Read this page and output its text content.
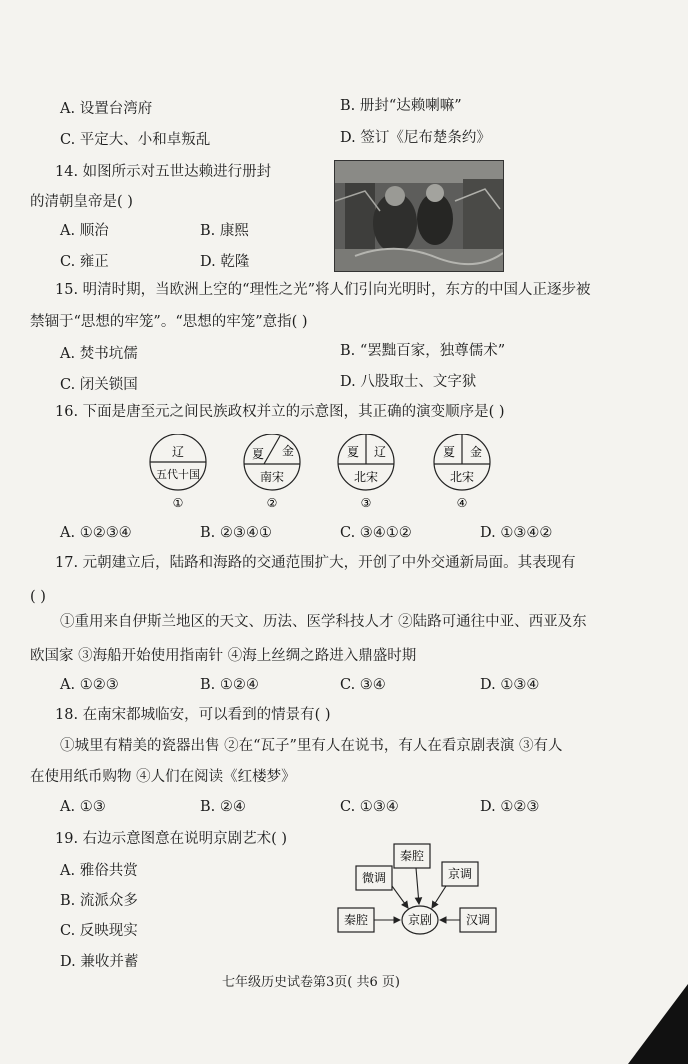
A. 设置台湾府	B. 册封“达赖喇嘛”
C. 平定大、小和卓叛乱	D. 签订《尼布楚条约》
14. 如图所示对五世达赖进行册封
的清朝皇帝是( )
A. 顺治	B. 康熙
C. 雍正	D. 乾隆
15. 明清时期，当欧洲上空的“理性之光”将人们引向光明时，东方的中国人正逐步被
禁锢于“思想的牢笼”。“思想的牢笼”意指( )
A. 焚书坑儒	B. “罢黜百家，独尊儒术”
C. 闭关锁国	D. 八股取士、文字狱
16. 下面是唐至元之间民族政权并立的示意图，其正确的演变顺序是( )
辽
五代十国
①
夏 金
南宋
②
夏 辽
北宋
③
夏 金
北宋
④
A. ①②③④	B. ②③④①	C. ③④①②	D. ①③④②
17. 元朝建立后，陆路和海路的交通范围扩大，开创了中外交通新局面。其表现有
( )
①重用来自伊斯兰地区的天文、历法、医学科技人才 ②陆路可通往中亚、西亚及东
欧国家 ③海船开始使用指南针 ④海上丝绸之路进入鼎盛时期
A. ①②③	B. ①②④	C. ③④	D. ①③④
18. 在南宋都城临安，可以看到的情景有( )
①城里有精美的瓷器出售 ②在“瓦子”里有人在说书，有人在看京剧表演 ③有人
在使用纸币购物 ④人们在阅读《红楼梦》
A. ①③	B. ②④	C. ①③④	D. ①②③
19. 右边示意图意在说明京剧艺术( )
A. 雅俗共赏
B. 流派众多
C. 反映现实
D. 兼收并蓄
京剧
微调
秦腔
京调
秦腔	汉调
七年级历史试卷第3页( 共6 页)
